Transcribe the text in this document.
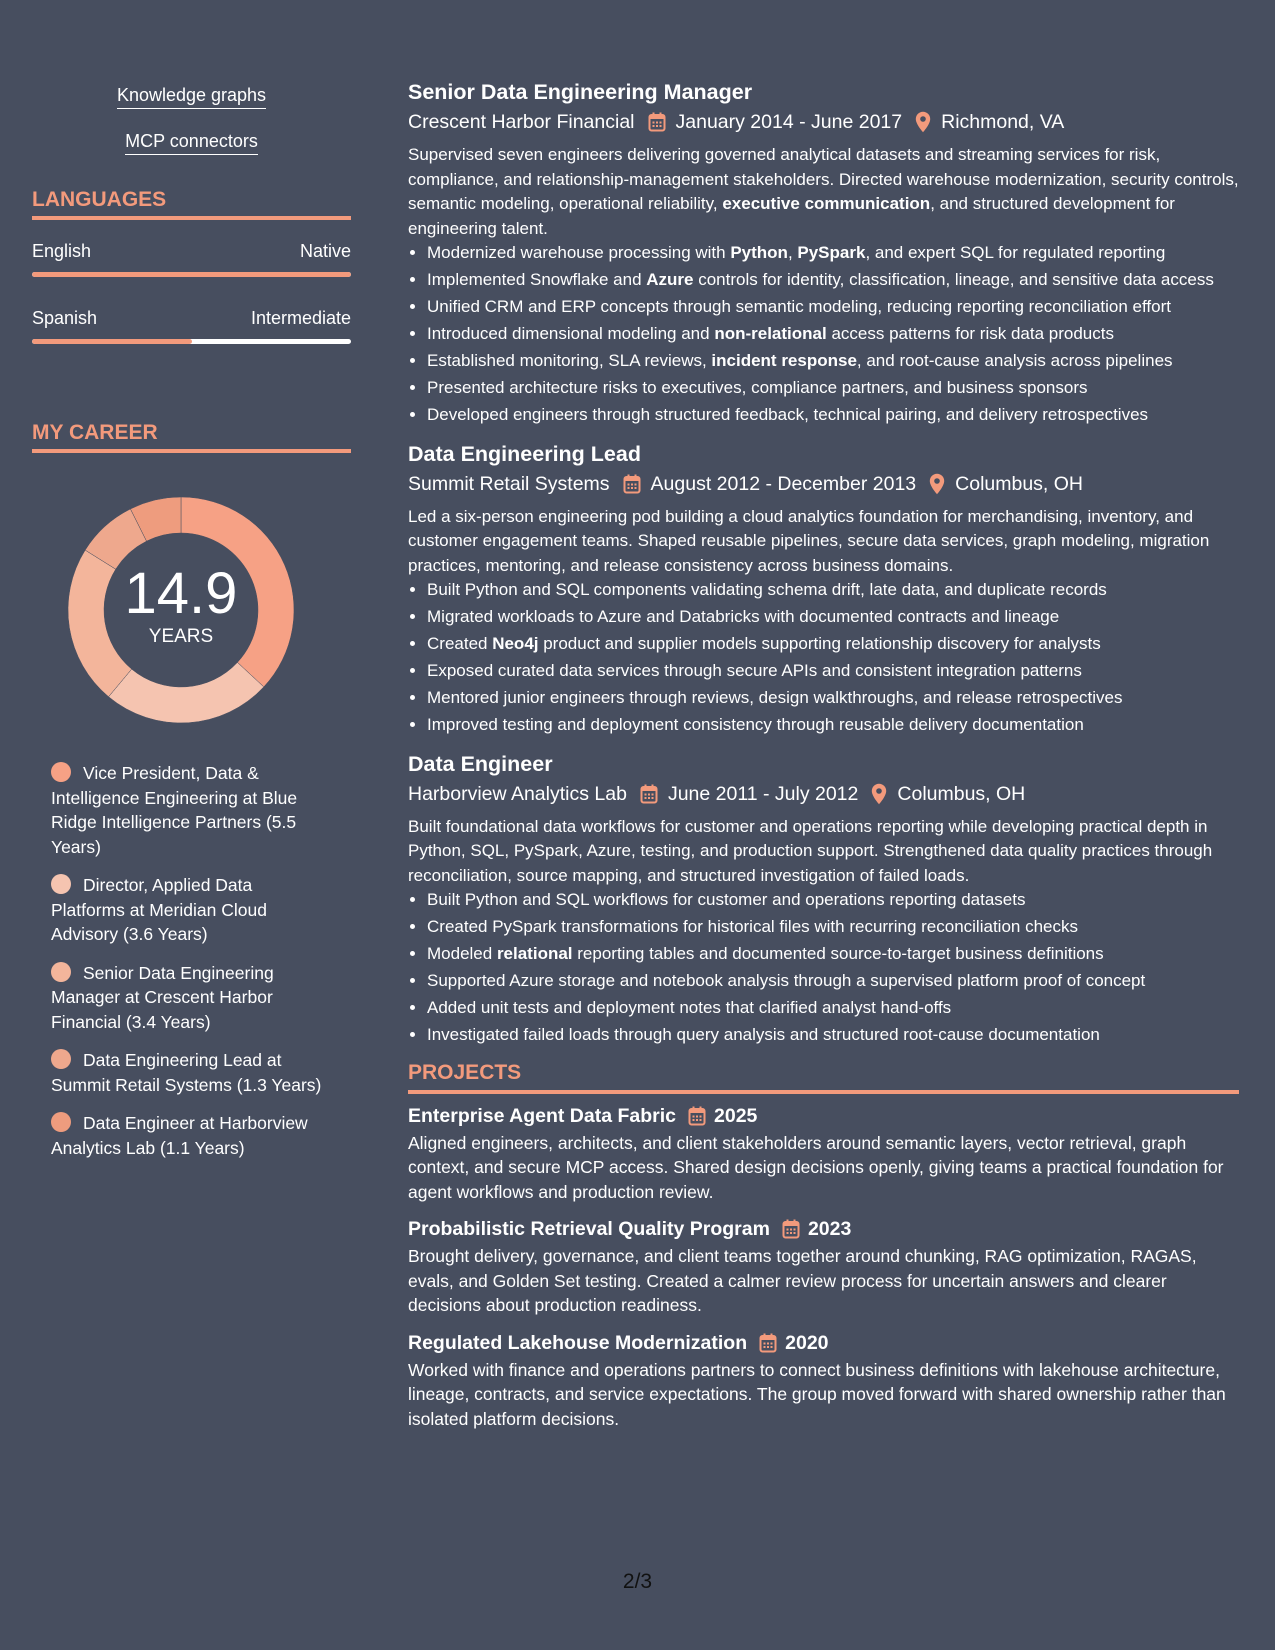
Knowledge graphs
MCP connectors
LANGUAGES
English	Native
Spanish	Intermediate
MY CAREER
14.9
YEARS
Vice President, Data & Intelligence Engineering at Blue Ridge Intelligence Partners (5.5 Years)
Director, Applied Data Platforms at Meridian Cloud Advisory (3.6 Years)
Senior Data Engineering Manager at Crescent Harbor Financial (3.4 Years)
Data Engineering Lead at Summit Retail Systems (1.3 Years)
Data Engineer at Harborview Analytics Lab (1.1 Years)
Senior Data Engineering Manager
Crescent Harbor Financial January 2014 - June 2017 Richmond, VA
Supervised seven engineers delivering governed analytical datasets and streaming services for risk, compliance, and relationship-management stakeholders. Directed warehouse modernization, security controls, semantic modeling, operational reliability, executive communication, and structured development for engineering talent.
• Modernized warehouse processing with Python, PySpark, and expert SQL for regulated reporting
• Implemented Snowflake and Azure controls for identity, classification, lineage, and sensitive data access
• Unified CRM and ERP concepts through semantic modeling, reducing reporting reconciliation effort
• Introduced dimensional modeling and non-relational access patterns for risk data products
• Established monitoring, SLA reviews, incident response, and root-cause analysis across pipelines
• Presented architecture risks to executives, compliance partners, and business sponsors
• Developed engineers through structured feedback, technical pairing, and delivery retrospectives
Data Engineering Lead
Summit Retail Systems August 2012 - December 2013 Columbus, OH
Led a six-person engineering pod building a cloud analytics foundation for merchandising, inventory, and customer engagement teams. Shaped reusable pipelines, secure data services, graph modeling, migration practices, mentoring, and release consistency across business domains.
• Built Python and SQL components validating schema drift, late data, and duplicate records
• Migrated workloads to Azure and Databricks with documented contracts and lineage
• Created Neo4j product and supplier models supporting relationship discovery for analysts
• Exposed curated data services through secure APIs and consistent integration patterns
• Mentored junior engineers through reviews, design walkthroughs, and release retrospectives
• Improved testing and deployment consistency through reusable delivery documentation
Data Engineer
Harborview Analytics Lab June 2011 - July 2012 Columbus, OH
Built foundational data workflows for customer and operations reporting while developing practical depth in Python, SQL, PySpark, Azure, testing, and production support. Strengthened data quality practices through reconciliation, source mapping, and structured investigation of failed loads.
• Built Python and SQL workflows for customer and operations reporting datasets
• Created PySpark transformations for historical files with recurring reconciliation checks
• Modeled relational reporting tables and documented source-to-target business definitions
• Supported Azure storage and notebook analysis through a supervised platform proof of concept
• Added unit tests and deployment notes that clarified analyst hand-offs
• Investigated failed loads through query analysis and structured root-cause documentation
PROJECTS
Enterprise Agent Data Fabric 2025
Aligned engineers, architects, and client stakeholders around semantic layers, vector retrieval, graph context, and secure MCP access. Shared design decisions openly, giving teams a practical foundation for agent workflows and production review.
Probabilistic Retrieval Quality Program 2023
Brought delivery, governance, and client teams together around chunking, RAG optimization, RAGAS, evals, and Golden Set testing. Created a calmer review process for uncertain answers and clearer decisions about production readiness.
Regulated Lakehouse Modernization 2020
Worked with finance and operations partners to connect business definitions with lakehouse architecture, lineage, contracts, and service expectations. The group moved forward with shared ownership rather than isolated platform decisions.
2/3
